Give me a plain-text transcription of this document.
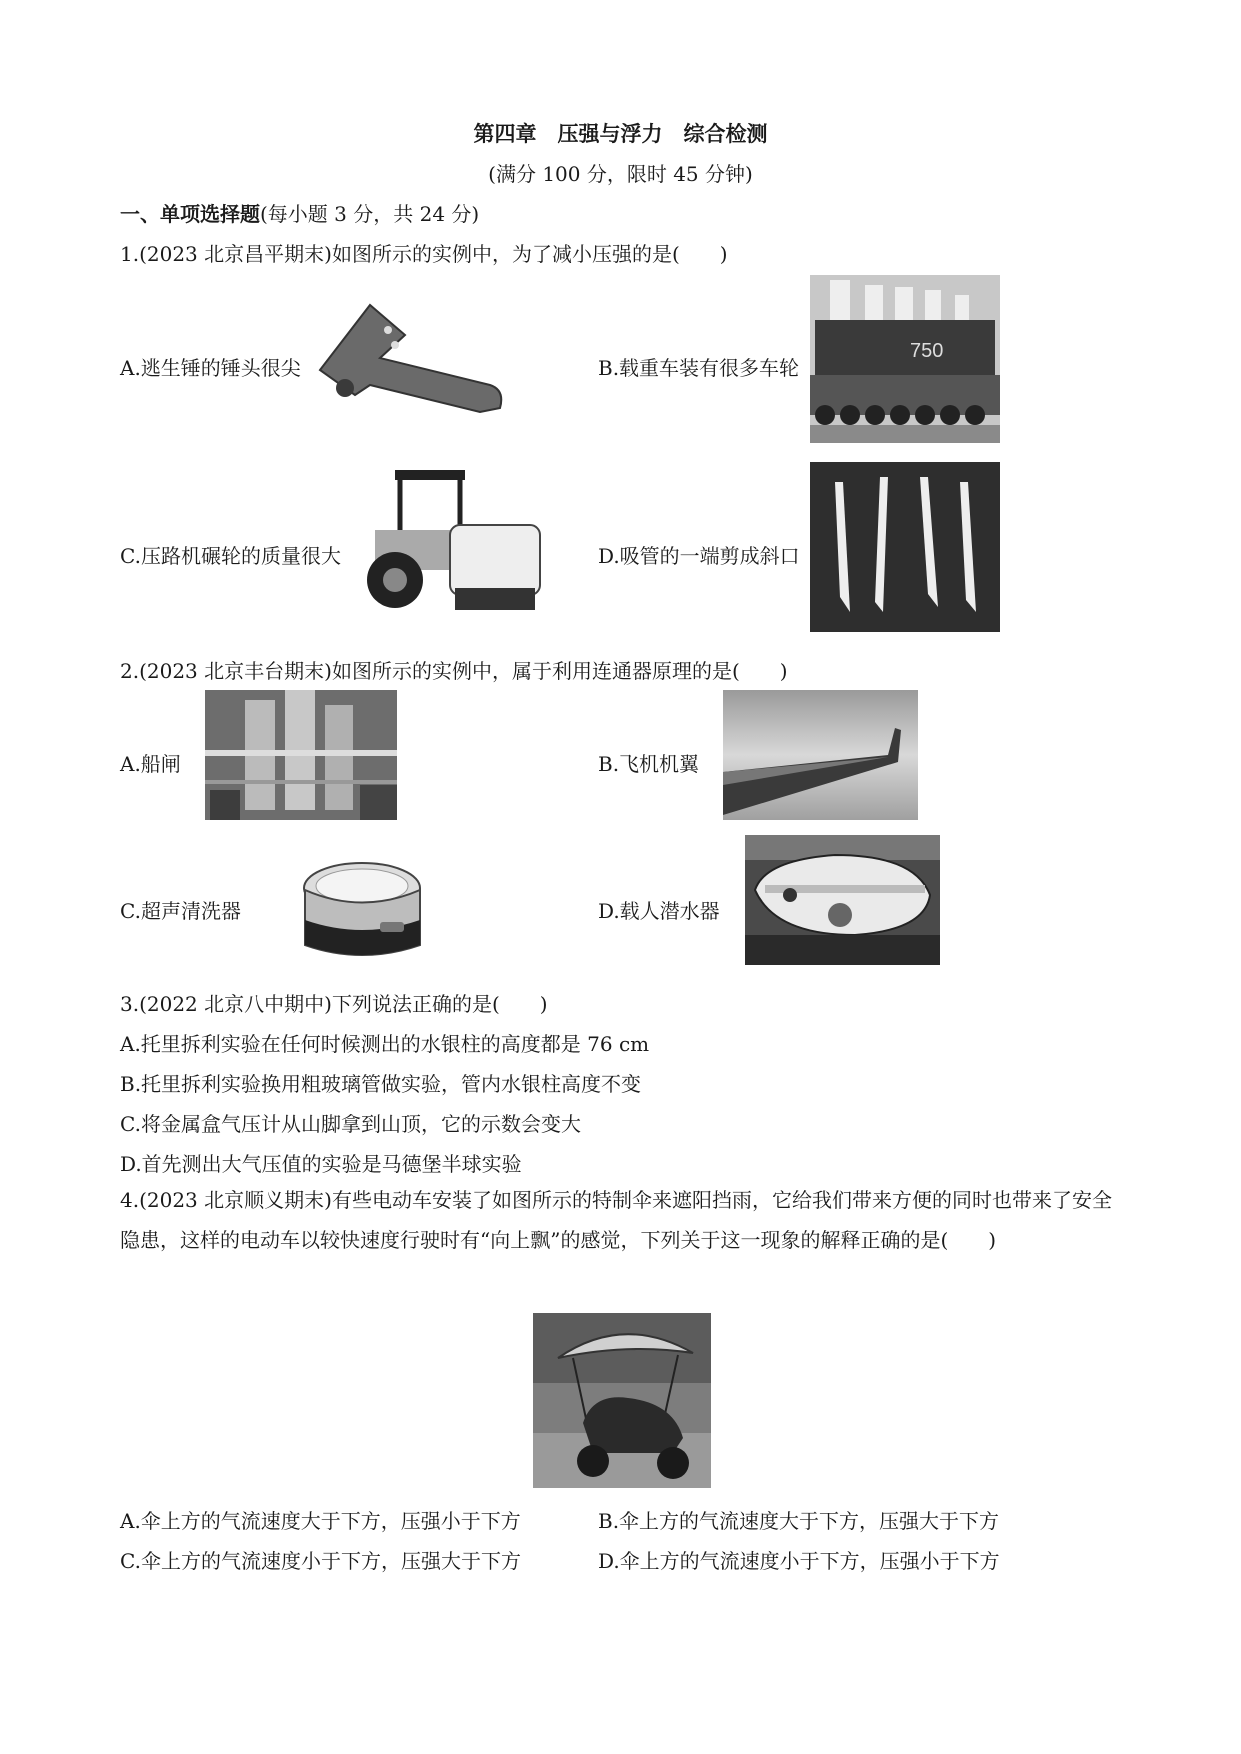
第四章　压强与浮力　综合检测
(满分 100 分，限时 45 分钟)
一、单项选择题(每小题 3 分，共 24 分)
1.(2023 北京昌平期末)如图所示的实例中，为了减小压强的是(　　)
A.逃生锤的锤头很尖	B.载重车装有很多车轮
750
C.压路机碾轮的质量很大	D.吸管的一端剪成斜口
2.(2023 北京丰台期末)如图所示的实例中，属于利用连通器原理的是(　　)
A.船闸	B.飞机机翼
C.超声清洗器	D.载人潜水器
3.(2022 北京八中期中)下列说法正确的是(　　)
A.托里拆利实验在任何时候测出的水银柱的高度都是 76 cm
B.托里拆利实验换用粗玻璃管做实验，管内水银柱高度不变
C.将金属盒气压计从山脚拿到山顶，它的示数会变大
D.首先测出大气压值的实验是马德堡半球实验
4.(2023 北京顺义期末)有些电动车安装了如图所示的特制伞来遮阳挡雨，它给我们带来方便的同时也带来了安全隐患，这样的电动车以较快速度行驶时有“向上飘”的感觉，下列关于这一现象的解释正确的是(　　)
A.伞上方的气流速度大于下方，压强小于下方	B.伞上方的气流速度大于下方，压强大于下方
C.伞上方的气流速度小于下方，压强大于下方	D.伞上方的气流速度小于下方，压强小于下方
